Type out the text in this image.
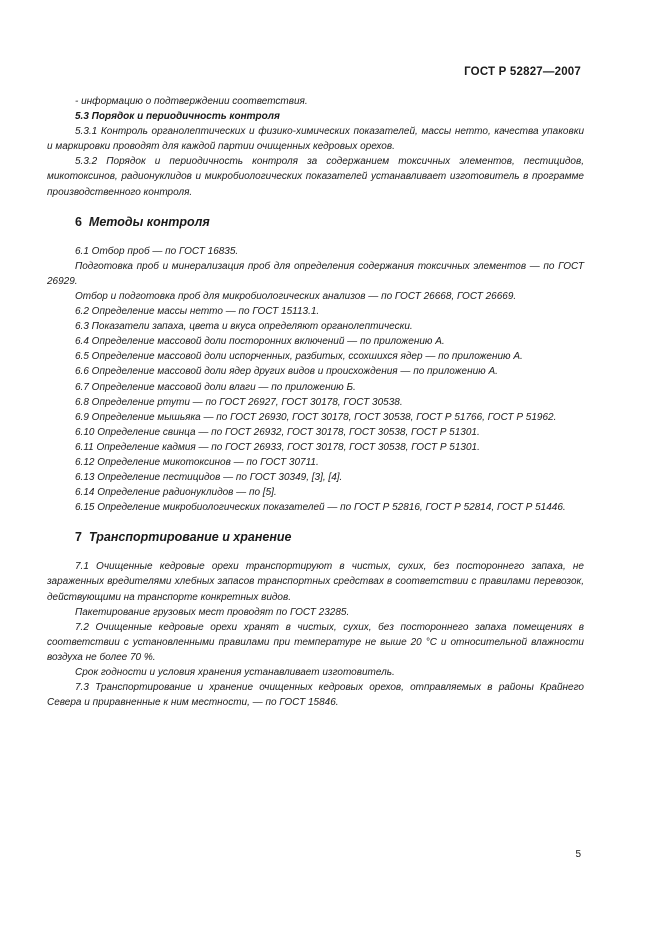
ГОСТ Р 52827—2007

- информацию о подтверждении соответствия.

5.3 Порядок и периодичность контроля

5.3.1 Контроль органолептических и физико-химических показателей, массы нетто, качества упаковки и маркировки проводят для каждой партии очищенных кедровых орехов.

5.3.2 Порядок и периодичность контроля за содержанием токсичных элементов, пестицидов, микотоксинов, радионуклидов и микробиологических показателей устанавливает изготовитель в программе производственного контроля.

6 Методы контроля

6.1 Отбор проб — по ГОСТ 16835.

Подготовка проб и минерализация проб для определения содержания токсичных элементов — по ГОСТ 26929.

Отбор и подготовка проб для микробиологических анализов — по ГОСТ 26668, ГОСТ 26669.

6.2 Определение массы нетто — по ГОСТ 15113.1.

6.3 Показатели запаха, цвета и вкуса определяют органолептически.

6.4 Определение массовой доли посторонних включений — по приложению А.

6.5 Определение массовой доли испорченных, разбитых, ссохшихся ядер — по приложению А.

6.6 Определение массовой доли ядер других видов и происхождения — по приложению А.

6.7 Определение массовой доли влаги — по приложению Б.

6.8 Определение ртути — по ГОСТ 26927, ГОСТ 30178, ГОСТ 30538.

6.9 Определение мышьяка — по ГОСТ 26930, ГОСТ 30178, ГОСТ 30538, ГОСТ Р 51766, ГОСТ Р 51962.

6.10 Определение свинца — по ГОСТ 26932, ГОСТ 30178, ГОСТ 30538, ГОСТ Р 51301.

6.11 Определение кадмия — по ГОСТ 26933, ГОСТ 30178, ГОСТ 30538, ГОСТ Р 51301.

6.12 Определение микотоксинов — по ГОСТ 30711.

6.13 Определение пестицидов — по ГОСТ 30349, [3], [4].

6.14 Определение радионуклидов — по [5].

6.15 Определение микробиологических показателей — по ГОСТ Р 52816, ГОСТ Р 52814, ГОСТ Р 51446.

7 Транспортирование и хранение

7.1 Очищенные кедровые орехи транспортируют в чистых, сухих, без постороннего запаха, не зараженных вредителями хлебных запасов транспортных средствах в соответствии с правилами перевозок, действующими на транспорте конкретных видов.

Пакетирование грузовых мест проводят по ГОСТ 23285.

7.2 Очищенные кедровые орехи хранят в чистых, сухих, без постороннего запаха помещениях в соответствии с установленными правилами при температуре не выше 20 °С и относительной влажности воздуха не более 70 %.

Срок годности и условия хранения устанавливает изготовитель.

7.3 Транспортирование и хранение очищенных кедровых орехов, отправляемых в районы Крайнего Севера и приравненные к ним местности, — по ГОСТ 15846.

5
